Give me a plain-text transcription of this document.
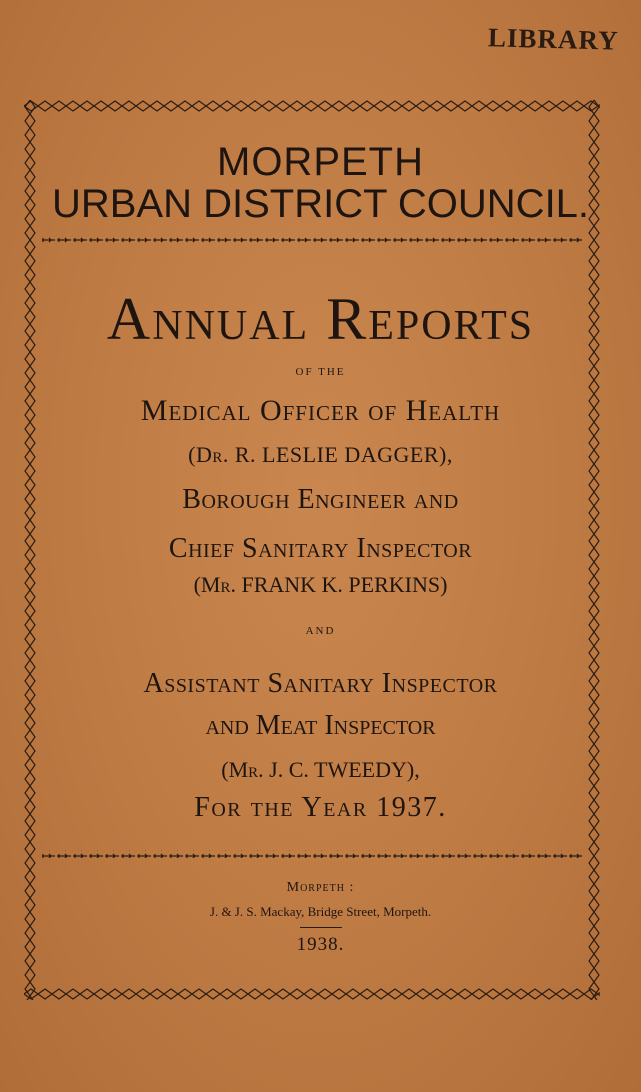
LIBRARY
MORPETH
URBAN DISTRICT COUNCIL.
Annual Reports
OF THE
Medical Officer of Health
(Dr. R. LESLIE DAGGER),
Borough Engineer and
Chief Sanitary Inspector
(Mr. FRANK K. PERKINS)
AND
Assistant Sanitary Inspector
and Meat Inspector
(Mr. J. C. TWEEDY),
For the Year 1937.
Morpeth :
J. & J. S. Mackay, Bridge Street, Morpeth.
1938.
